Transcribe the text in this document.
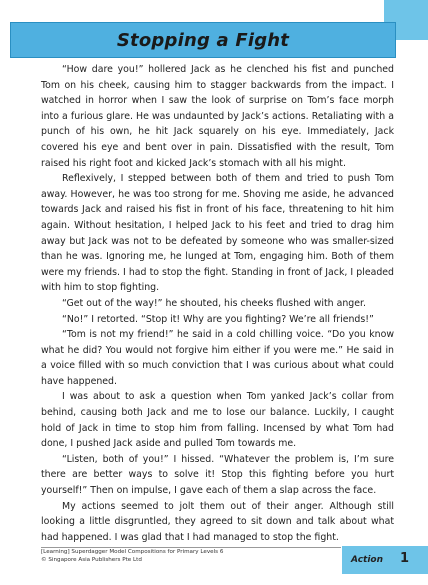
Stopping a Fight

“How dare you!” hollered Jack as he clenched his fist and punched Tom on his cheek, causing him to stagger backwards from the impact. I watched in horror when I saw the look of surprise on Tom’s face morph into a furious glare. He was undaunted by Jack’s actions. Retaliating with a punch of his own, he hit Jack squarely on his eye. Immediately, Jack covered his eye and bent over in pain. Dissatisfied with the result, Tom raised his right foot and kicked Jack’s stomach with all his might.

Reflexively, I stepped between both of them and tried to push Tom away. However, he was too strong for me. Shoving me aside, he advanced towards Jack and raised his fist in front of his face, threatening to hit him again. Without hesitation, I helped Jack to his feet and tried to drag him away but Jack was not to be defeated by someone who was smaller-sized than he was. Ignoring me, he lunged at Tom, engaging him. Both of them were my friends. I had to stop the fight. Standing in front of Jack, I pleaded with him to stop fighting.

“Get out of the way!” he shouted, his cheeks flushed with anger.

“No!” I retorted. “Stop it! Why are you fighting? We’re all friends!”

“Tom is not my friend!” he said in a cold chilling voice. “Do you know what he did? You would not forgive him either if you were me.” He said in a voice filled with so much conviction that I was curious about what could have happened.

I was about to ask a question when Tom yanked Jack’s collar from behind, causing both Jack and me to lose our balance. Luckily, I caught hold of Jack in time to stop him from falling. Incensed by what Tom had done, I pushed Jack aside and pulled Tom towards me.

“Listen, both of you!” I hissed. “Whatever the problem is, I’m sure there are better ways to solve it! Stop this fighting before you hurt yourself!” Then on impulse, I gave each of them a slap across the face.

My actions seemed to jolt them out of their anger. Although still looking a little disgruntled, they agreed to sit down and talk about what had happened. I was glad that I had managed to stop the fight.

[Learning] Superdagger Model Compositions for Primary Levels 6
© Singapore Asia Publishers Pte Ltd	Action 1
